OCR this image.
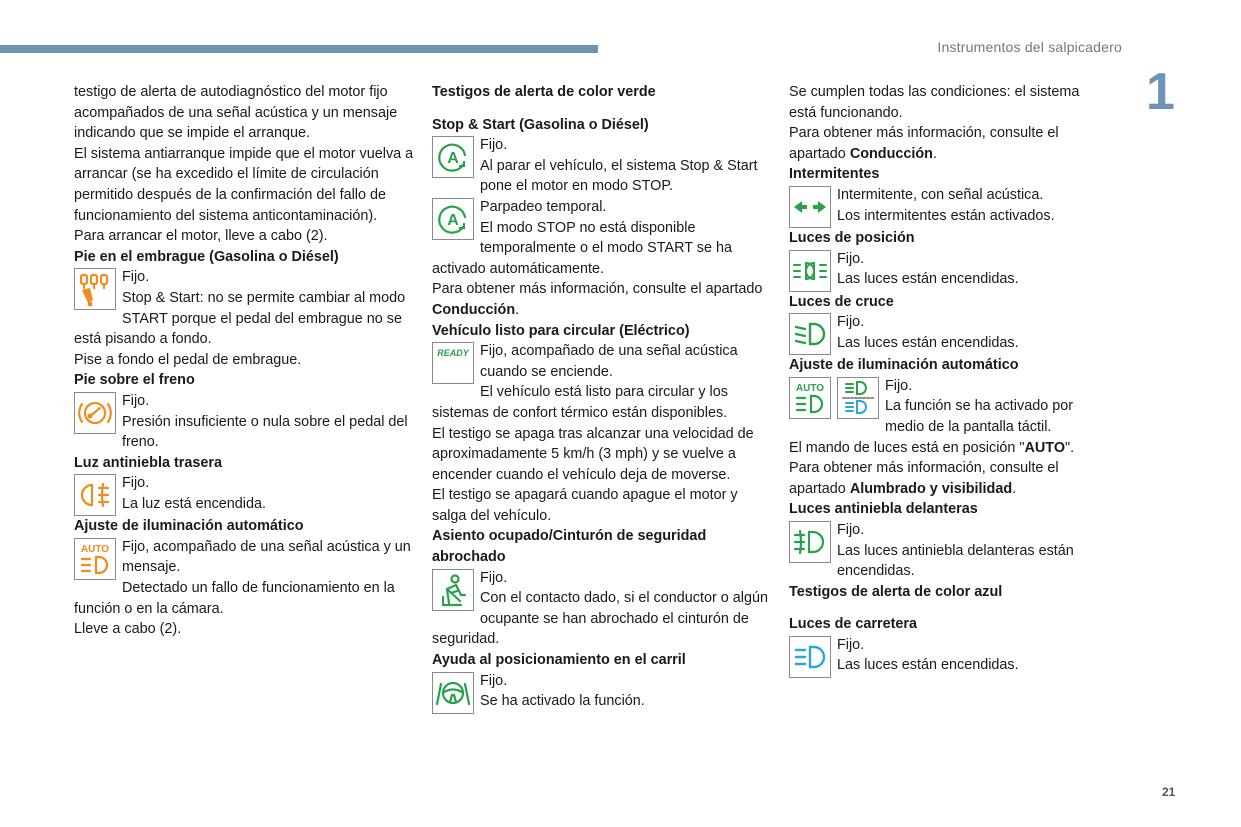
Instrumentos del salpicadero
1
21

testigo de alerta de autodiagnóstico del motor fijo acompañados de una señal acústica y un mensaje indicando que se impide el arranque.

El sistema antiarranque impide que el motor vuelva a arrancar (se ha excedido el límite de circulación permitido después de la confirmación del fallo de funcionamiento del sistema anticontaminación).

Para arrancar el motor, lleve a cabo (2).

Pie en el embrague (Gasolina o Diésel)

Fijo.

Stop & Start: no se permite cambiar al modo START porque el pedal del embrague no se está pisando a fondo.

Pise a fondo el pedal de embrague.

Pie sobre el freno

Fijo.

Presión insuficiente o nula sobre el pedal del freno.

Luz antiniebla trasera

Fijo.

La luz está encendida.

Ajuste de iluminación automático

AUTO Fijo, acompañado de una señal acústica y un mensaje.

Detectado un fallo de funcionamiento en la función o en la cámara.

Lleve a cabo (2).

Testigos de alerta de color verde

Stop & Start (Gasolina o Diésel)

A

Fijo.

Al parar el vehículo, el sistema Stop & Start pone el motor en modo STOP.

A

Parpadeo temporal.

El modo STOP no está disponible temporalmente o el modo START se ha activado automáticamente.

Para obtener más información, consulte el apartado Conducción.

Vehículo listo para circular (Eléctrico)

READY Fijo, acompañado de una señal acústica cuando se enciende.

El vehículo está listo para circular y los sistemas de confort térmico están disponibles.

El testigo se apaga tras alcanzar una velocidad de aproximadamente 5 km/h (3 mph) y se vuelve a encender cuando el vehículo deja de moverse.

El testigo se apagará cuando apague el motor y salga del vehículo.

Asiento ocupado/Cinturón de seguridad abrochado

Fijo.

Con el contacto dado, si el conductor o algún ocupante se han abrochado el cinturón de seguridad.

Ayuda al posicionamiento en el carril

Fijo.

Se ha activado la función.

Se cumplen todas las condiciones: el sistema está funcionando.

Para obtener más información, consulte el apartado Conducción.

Intermitentes

Intermitente, con señal acústica.

Los intermitentes están activados.

Luces de posición

Fijo.

Las luces están encendidas.

Luces de cruce

Fijo.

Las luces están encendidas.

Ajuste de iluminación automático

AUTO	Fijo.

La función se ha activado por medio de la pantalla táctil.

El mando de luces está en posición "AUTO".

Para obtener más información, consulte el apartado Alumbrado y visibilidad.

Luces antiniebla delanteras

Fijo.

Las luces antiniebla delanteras están encendidas.

Testigos de alerta de color azul

Luces de carretera

Fijo.

Las luces están encendidas.
